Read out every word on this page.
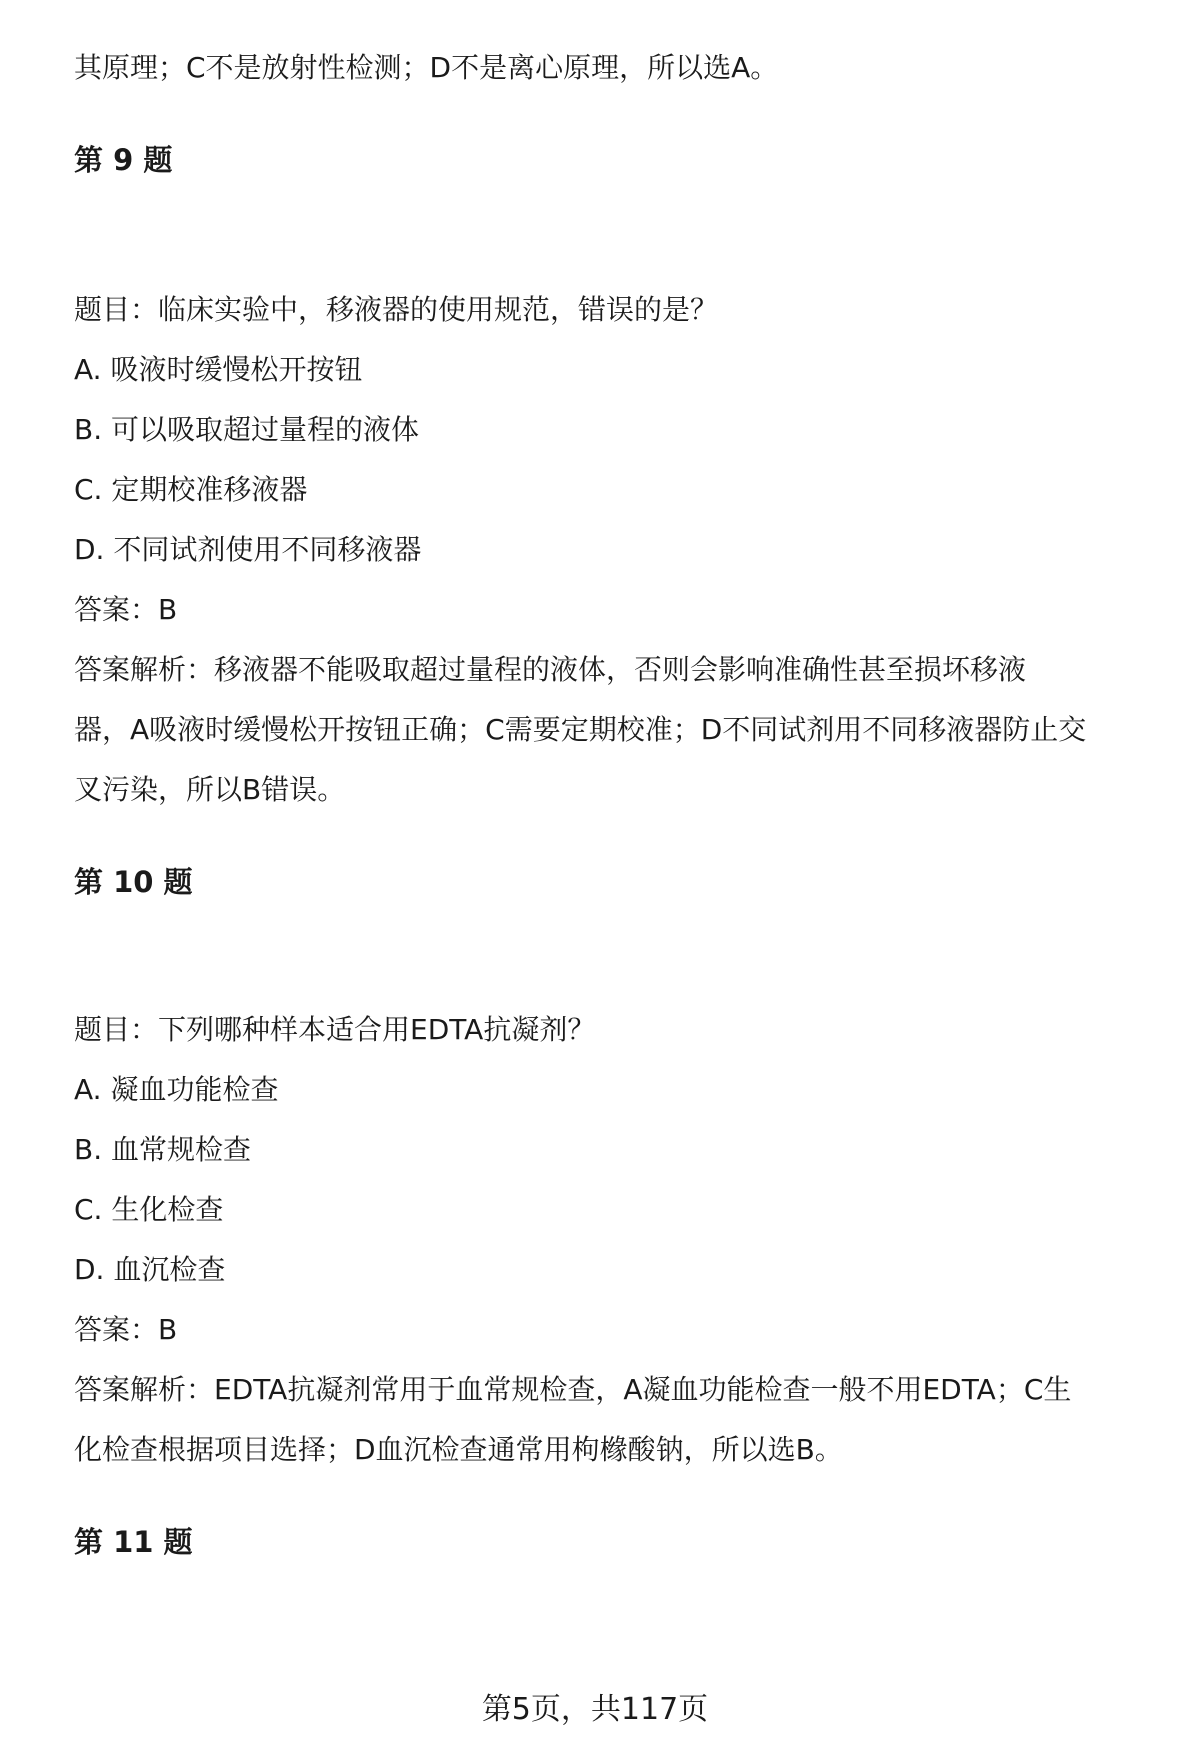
其原理；C不是放射性检测；D不是离心原理，所以选A。
第 9 题
题目：临床实验中，移液器的使用规范，错误的是？
A. 吸液时缓慢松开按钮
B. 可以吸取超过量程的液体
C. 定期校准移液器
D. 不同试剂使用不同移液器
答案：B
答案解析：移液器不能吸取超过量程的液体，否则会影响准确性甚至损坏移液
器，A吸液时缓慢松开按钮正确；C需要定期校准；D不同试剂用不同移液器防止交
叉污染，所以B错误。
第 10 题
题目：下列哪种样本适合用EDTA抗凝剂？
A. 凝血功能检查
B. 血常规检查
C. 生化检查
D. 血沉检查
答案：B
答案解析：EDTA抗凝剂常用于血常规检查，A凝血功能检查一般不用EDTA；C生
化检查根据项目选择；D血沉检查通常用枸橼酸钠，所以选B。
第 11 题
第5页，共117页
